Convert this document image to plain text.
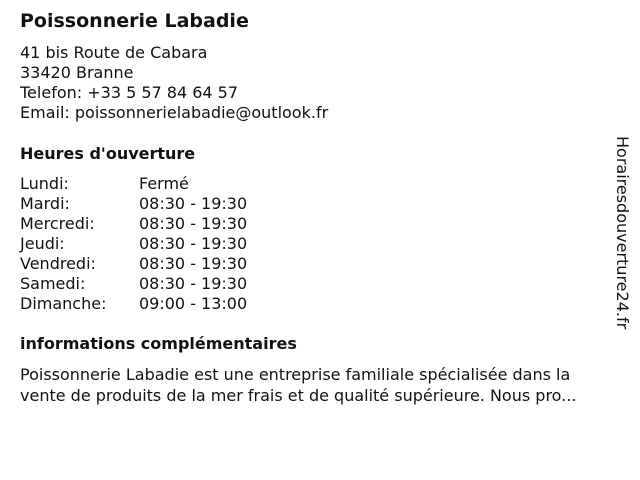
Poissonnerie Labadie
41 bis Route de Cabara
33420 Branne
Telefon: +33 5 57 84 64 57
Email: poissonnerielabadie@outlook.fr
Heures d'ouverture
Lundi:	Fermé
Mardi:	08:30 - 19:30
Mercredi:	08:30 - 19:30
Jeudi:	08:30 - 19:30
Vendredi:	08:30 - 19:30
Samedi:	08:30 - 19:30
Dimanche: 09:00 - 13:00
informations complémentaires
Poissonnerie Labadie est une entreprise familiale spécialisée dans la
vente de produits de la mer frais et de qualité supérieure. Nous pro...
Horairesdouverture24.fr
